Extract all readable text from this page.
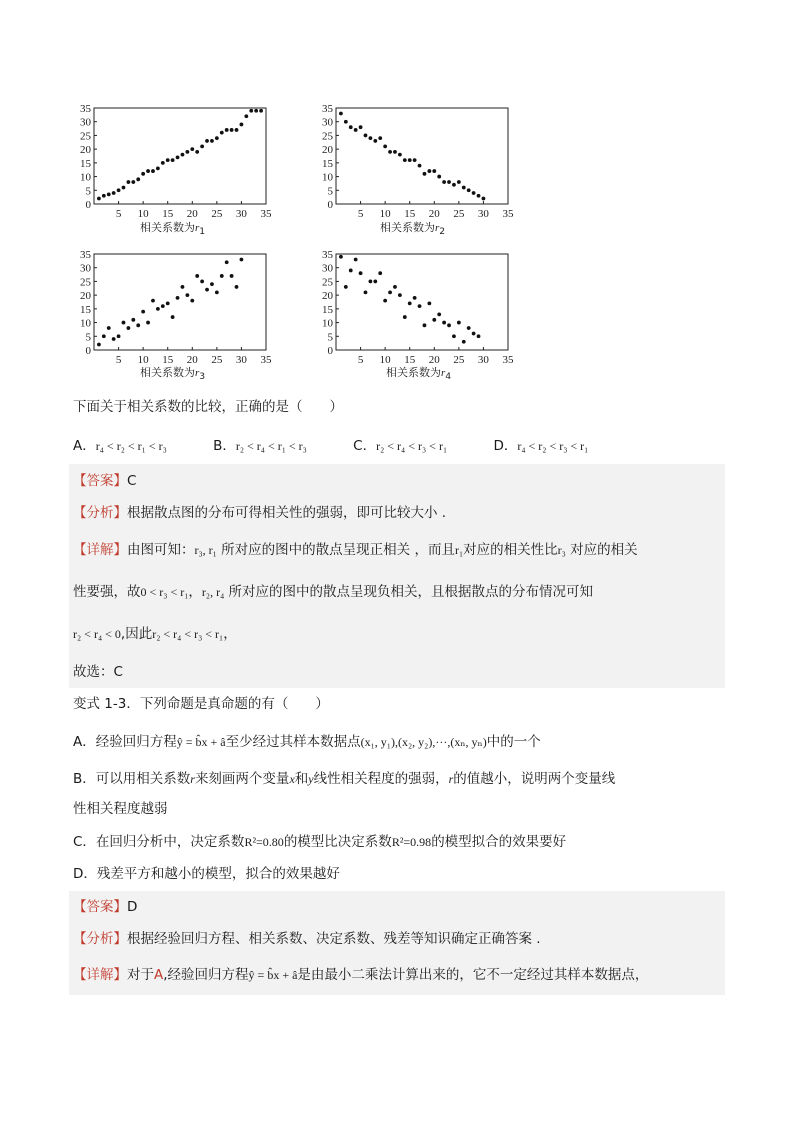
0
5
10
15
20
25
30
35
5 10 15 20 25 30 35
相关系数为$r_1$
0
5
10
15
20
25
30
35
5 10 15 20 25 30 35
相关系数为$r_2$
0
5
10
15
20
25
30
35
5 10 15 20 25 30 35
相关系数为$r_3$
0
5
10
15
20
25
30
35
5 10 15 20 25 30 35
相关系数为$r_4$
下面关于相关系数的比较，正确的是（　　）
A．r₄ < r₂ < r₁ < r₃	B．r₂ < r₄ < r₁ < r₃	C．r₂ < r₄ < r₃ < r₁	D．r₄ < r₂ < r₃ < r₁
【答案】C
【分析】根据散点图的分布可得相关性的强弱，即可比较大小 .
【详解】由图可知：r₃, r₁ 所对应的图中的散点呈现正相关 ，而且r₁对应的相关性比r₃ 对应的相关
性要强，故0 < r₃ < r₁，r₂, r₄ 所对应的图中的散点呈现负相关，且根据散点的分布情况可知
r₂ < r₄ < 0,因此r₂ < r₄ < r₃ < r₁，
故选：C
变式 1-3．下列命题是真命题的有（　　）
A．经验回归方程ŷ = b̂x + â至少经过其样本数据点(x₁, y₁),(x₂, y₂),···,(xₙ, yₙ)中的一个
B．可以用相关系数r来刻画两个变量x和y线性相关程度的强弱，r的值越小，说明两个变量线
性相关程度越弱
C．在回归分析中，决定系数R²=0.80的模型比决定系数R²=0.98的模型拟合的效果要好
D．残差平方和越小的模型，拟合的效果越好
【答案】D
【分析】根据经验回归方程、相关系数、决定系数、残差等知识确定正确答案 .
【详解】对于A,经验回归方程ŷ = b̂x + â是由最小二乘法计算出来的，它不一定经过其样本数据点，
